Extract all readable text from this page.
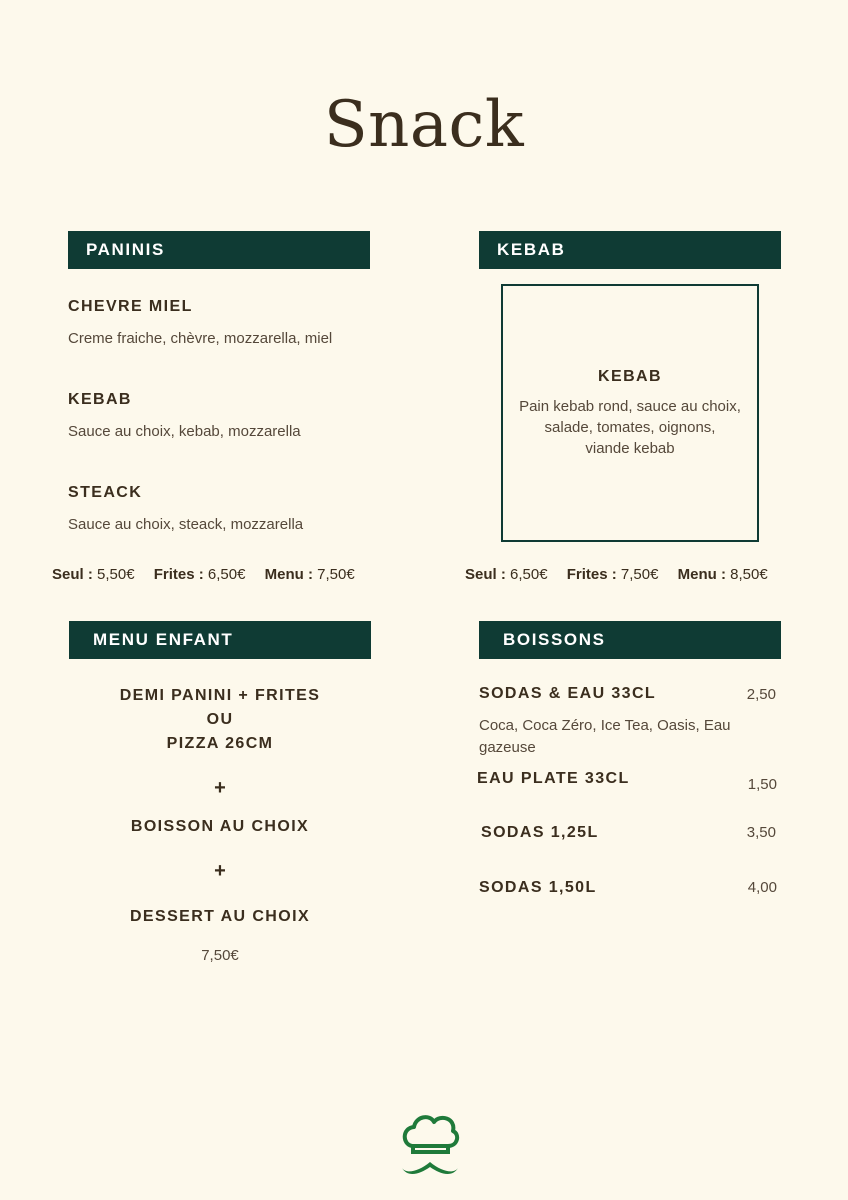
Snack
PANINIS
CHEVRE MIEL
Creme fraiche, chèvre, mozzarella, miel
KEBAB
Sauce au choix, kebab, mozzarella
STEACK
Sauce au choix, steack, mozzarella
Seul : 5,50€ Frites : 6,50€ Menu : 7,50€
KEBAB
KEBAB
Pain kebab rond, sauce au choix,
salade, tomates, oignons,
viande kebab
Seul : 6,50€ Frites : 7,50€ Menu : 8,50€
MENU ENFANT
DEMI PANINI + FRITES
OU
PIZZA 26CM
+
BOISSON AU CHOIX
+
DESSERT AU CHOIX
7,50€
BOISSONS
SODAS & EAU 33CL	2,50
Coca, Coca Zéro, Ice Tea, Oasis, Eau
gazeuse
EAU PLATE 33CL	1,50
SODAS 1,25L	3,50
SODAS 1,50L	4,00
